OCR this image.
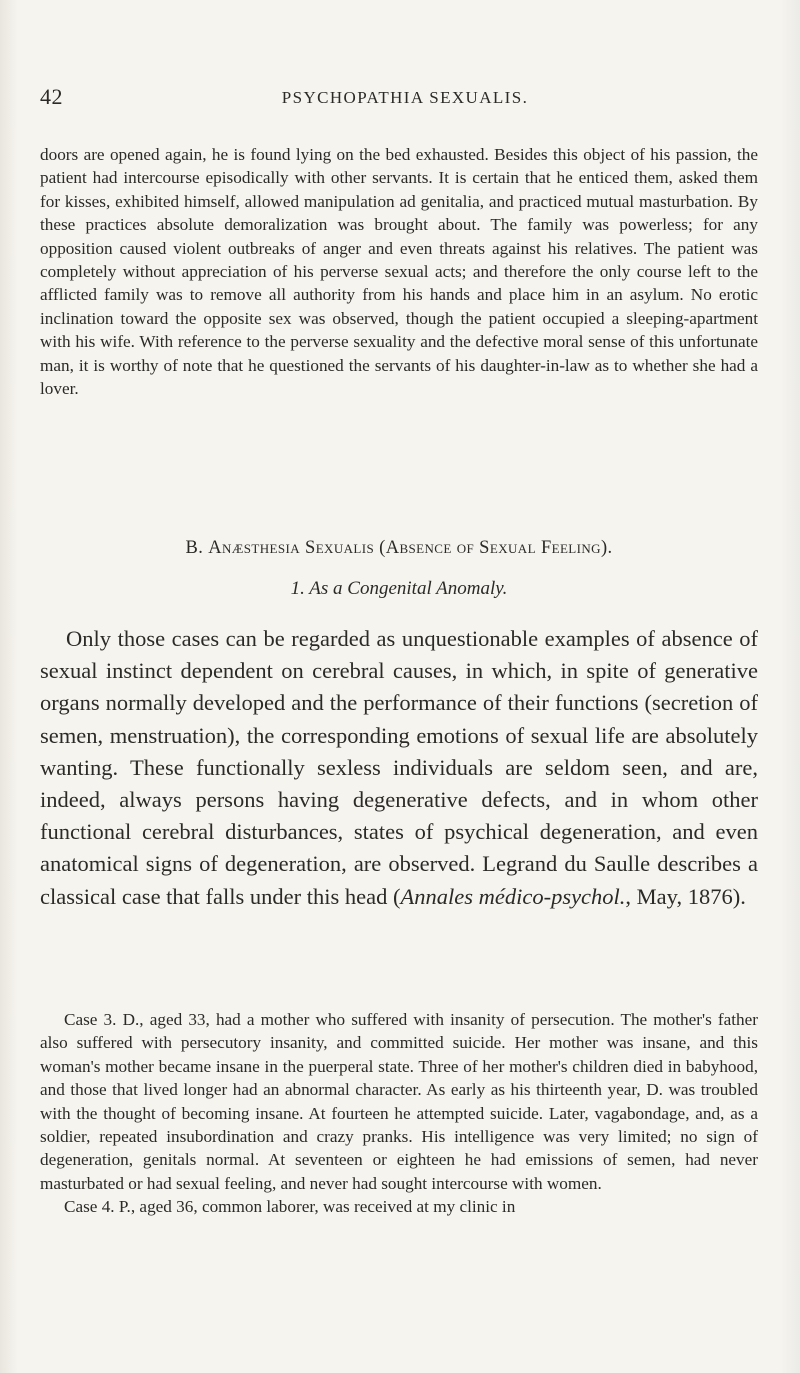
42	PSYCHOPATHIA SEXUALIS.

doors are opened again, he is found lying on the bed exhausted. Besides this object of his passion, the patient had intercourse episodically with other servants. It is certain that he enticed them, asked them for kisses, exhibited himself, allowed manipulation ad genitalia, and practiced mutual masturbation. By these practices absolute demoralization was brought about. The family was powerless; for any opposition caused violent outbreaks of anger and even threats against his relatives. The patient was completely without appreciation of his perverse sexual acts; and therefore the only course left to the afflicted family was to remove all authority from his hands and place him in an asylum. No erotic inclination toward the opposite sex was observed, though the patient occupied a sleeping-apartment with his wife. With reference to the perverse sexuality and the defective moral sense of this unfortunate man, it is worthy of note that he questioned the servants of his daughter-in-law as to whether she had a lover.

B. Anæsthesia Sexualis (Absence of Sexual Feeling).
1. As a Congenital Anomaly.

Only those cases can be regarded as unquestionable examples of absence of sexual instinct dependent on cerebral causes, in which, in spite of generative organs normally developed and the performance of their functions (secretion of semen, menstruation), the corresponding emotions of sexual life are absolutely wanting. These functionally sexless individuals are seldom seen, and are, indeed, always persons having degenerative defects, and in whom other functional cerebral disturbances, states of psychical degeneration, and even anatomical signs of degeneration, are observed. Legrand du Saulle describes a classical case that falls under this head (Annales médico-psychol., May, 1876).

Case 3. D., aged 33, had a mother who suffered with insanity of persecution. The mother's father also suffered with persecutory insanity, and committed suicide. Her mother was insane, and this woman's mother became insane in the puerperal state. Three of her mother's children died in babyhood, and those that lived longer had an abnormal character. As early as his thirteenth year, D. was troubled with the thought of becoming insane. At fourteen he attempted suicide. Later, vagabondage, and, as a soldier, repeated insubordination and crazy pranks. His intelligence was very limited; no sign of degeneration, genitals normal. At seventeen or eighteen he had emissions of semen, had never masturbated or had sexual feeling, and never had sought intercourse with women.

Case 4. P., aged 36, common laborer, was received at my clinic in
